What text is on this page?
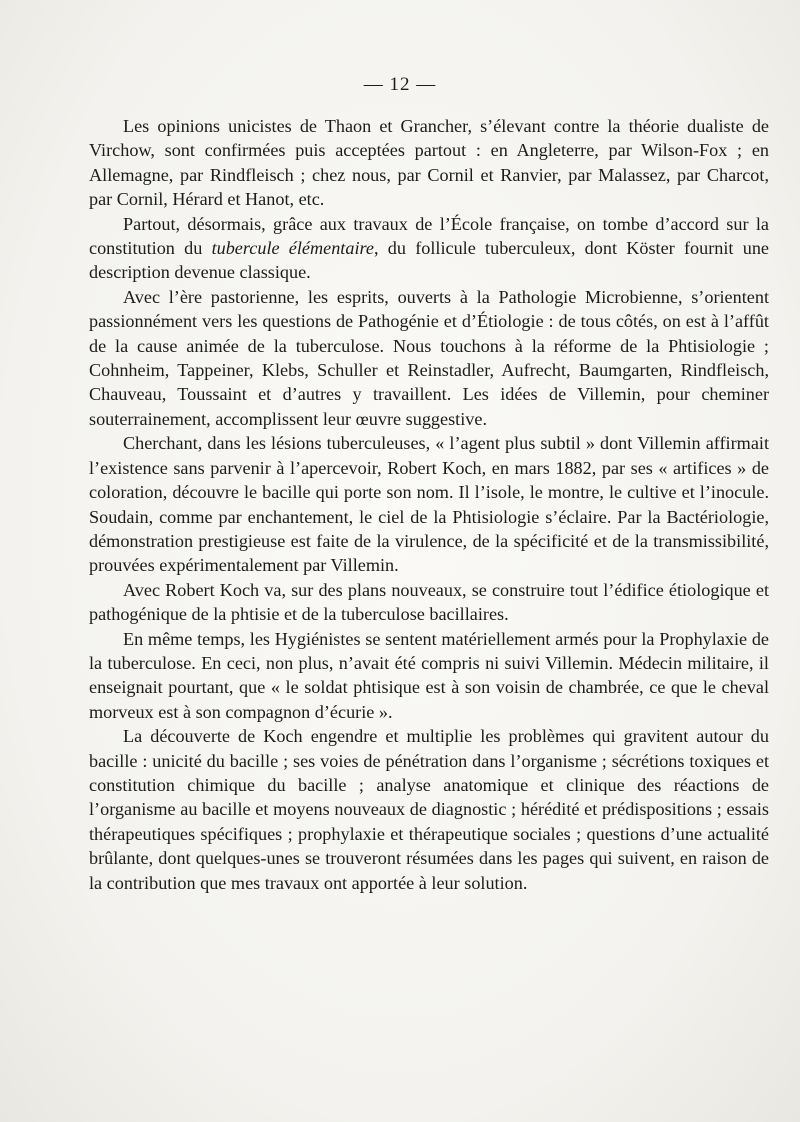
— 12 —

Les opinions unicistes de Thaon et Grancher, s’élevant contre la théorie dualiste de Virchow, sont confirmées puis acceptées partout : en Angleterre, par Wilson-Fox ; en Allemagne, par Rindfleisch ; chez nous, par Cornil et Ranvier, par Malassez, par Charcot, par Cornil, Hérard et Hanot, etc.

Partout, désormais, grâce aux travaux de l’École française, on tombe d’accord sur la constitution du tubercule élémentaire, du follicule tuberculeux, dont Köster fournit une description devenue classique.

Avec l’ère pastorienne, les esprits, ouverts à la Pathologie Microbienne, s’orientent passionnément vers les questions de Pathogénie et d’Étiologie : de tous côtés, on est à l’affût de la cause animée de la tuberculose. Nous touchons à la réforme de la Phtisiologie ; Cohnheim, Tappeiner, Klebs, Schuller et Reinstadler, Aufrecht, Baumgarten, Rindfleisch, Chauveau, Toussaint et d’autres y travaillent. Les idées de Villemin, pour cheminer souterrainement, accomplissent leur œuvre suggestive.

Cherchant, dans les lésions tuberculeuses, « l’agent plus subtil » dont Villemin affirmait l’existence sans parvenir à l’apercevoir, Robert Koch, en mars 1882, par ses « artifices » de coloration, découvre le bacille qui porte son nom. Il l’isole, le montre, le cultive et l’inocule. Soudain, comme par enchantement, le ciel de la Phtisiologie s’éclaire. Par la Bactériologie, démonstration prestigieuse est faite de la virulence, de la spécificité et de la transmissibilité, prouvées expérimentalement par Villemin.

Avec Robert Koch va, sur des plans nouveaux, se construire tout l’édifice étiologique et pathogénique de la phtisie et de la tuberculose bacillaires.

En même temps, les Hygiénistes se sentent matériellement armés pour la Prophylaxie de la tuberculose. En ceci, non plus, n’avait été compris ni suivi Villemin. Médecin militaire, il enseignait pourtant, que « le soldat phtisique est à son voisin de chambrée, ce que le cheval morveux est à son compagnon d’écurie ».

La découverte de Koch engendre et multiplie les problèmes qui gravitent autour du bacille : unicité du bacille ; ses voies de pénétration dans l’organisme ; sécrétions toxiques et constitution chimique du bacille ; analyse anatomique et clinique des réactions de l’organisme au bacille et moyens nouveaux de diagnostic ; hérédité et prédispositions ; essais thérapeutiques spécifiques ; prophylaxie et thérapeutique sociales ; questions d’une actualité brûlante, dont quelques-unes se trouveront résumées dans les pages qui suivent, en raison de la contribution que mes travaux ont apportée à leur solution.
